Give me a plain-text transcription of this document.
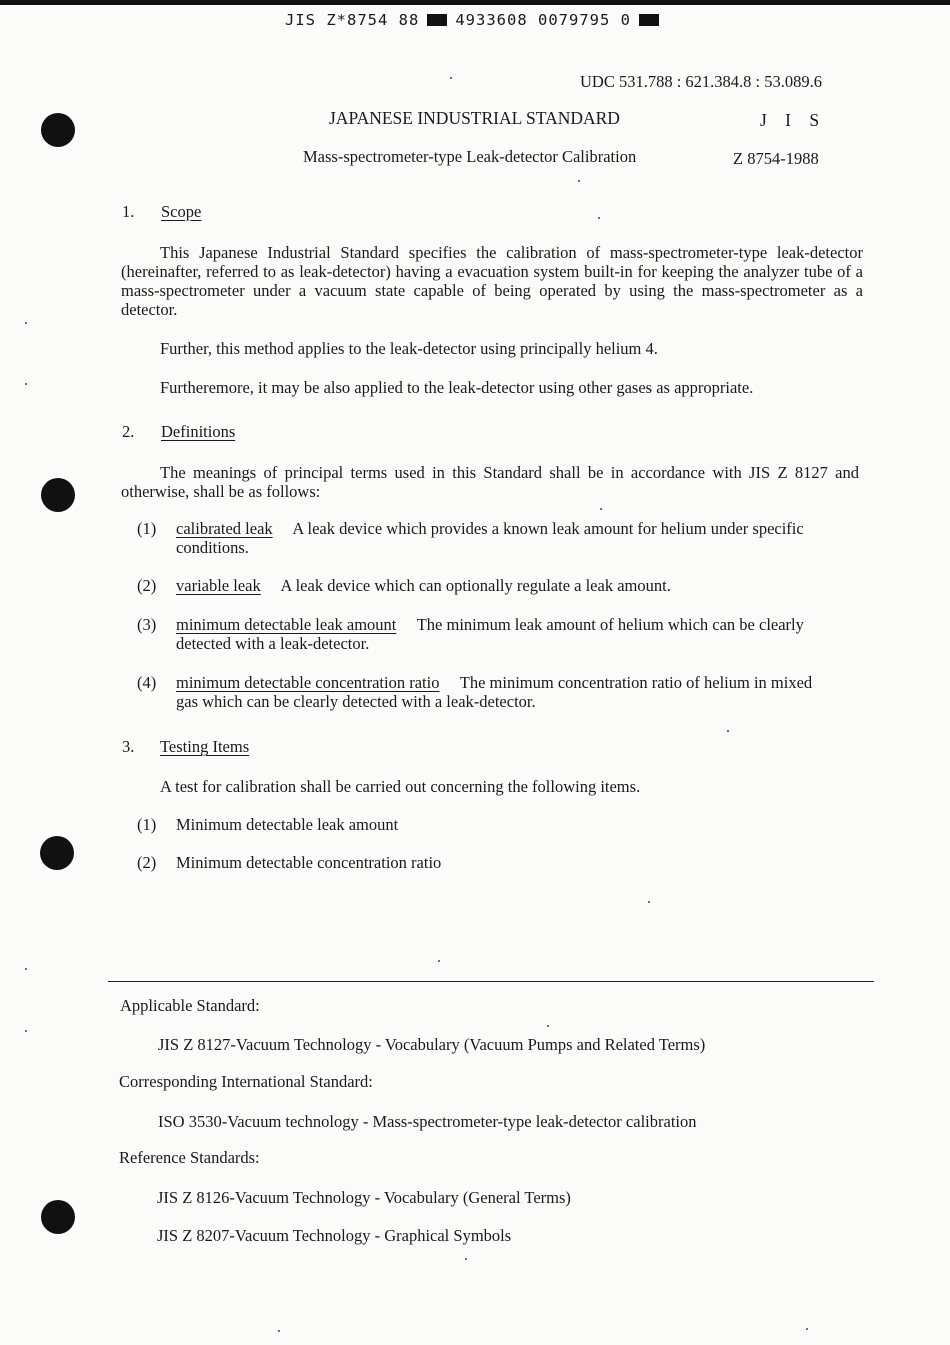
JIS Z*8754 88 4933608 0079795 0
UDC 531.788 : 621.384.8 : 53.089.6
JAPANESE INDUSTRIAL STANDARD	J I S
Mass-spectrometer-type Leak-detector Calibration	Z 8754-1988
1. Scope
This Japanese Industrial Standard specifies the calibration of mass-spectrometer-type leak-detector (hereinafter, referred to as leak-detector) having a evacuation system built-in for keeping the analyzer tube of a mass-spectrometer under a vacuum state capable of being operated by using the mass-spectrometer as a detector.
Further, this method applies to the leak-detector using principally helium 4.
Furtheremore, it may be also applied to the leak-detector using other gases as appropriate.
2. Definitions
The meanings of principal terms used in this Standard shall be in accordance with JIS Z 8127 and otherwise, shall be as follows:
(1) calibrated leak A leak device which provides a known leak amount for helium under specific conditions.
(2) variable leak A leak device which can optionally regulate a leak amount.
(3) minimum detectable leak amount The minimum leak amount of helium which can be clearly detected with a leak-detector.
(4) minimum detectable concentration ratio The minimum concentration ratio of helium in mixed gas which can be clearly detected with a leak-detector.
3. Testing Items
A test for calibration shall be carried out concerning the following items.
(1) Minimum detectable leak amount
(2) Minimum detectable concentration ratio
Applicable Standard:
JIS Z 8127-Vacuum Technology - Vocabulary (Vacuum Pumps and Related Terms)
Corresponding International Standard:
ISO 3530-Vacuum technology - Mass-spectrometer-type leak-detector calibration
Reference Standards:
JIS Z 8126-Vacuum Technology - Vocabulary (General Terms)
JIS Z 8207-Vacuum Technology - Graphical Symbols
